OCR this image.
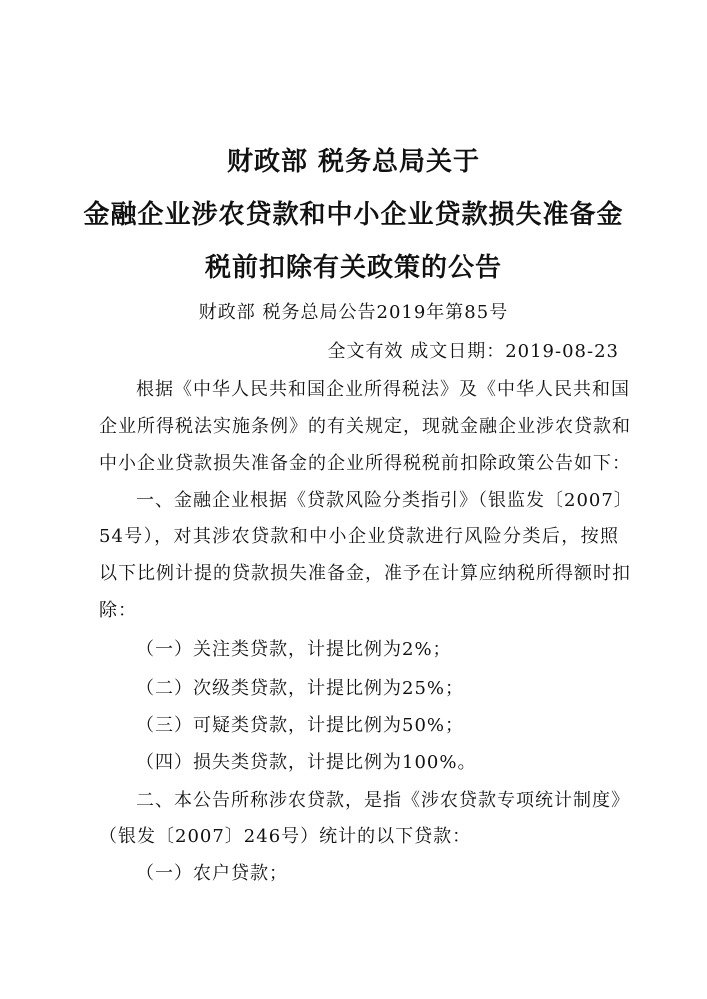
财政部 税务总局关于
金融企业涉农贷款和中小企业贷款损失准备金
税前扣除有关政策的公告
财政部 税务总局公告2019年第85号
全文有效 成文日期：2019-08-23
根据《中华人民共和国企业所得税法》及《中华人民共和国
企业所得税法实施条例》的有关规定，现就金融企业涉农贷款和
中小企业贷款损失准备金的企业所得税税前扣除政策公告如下：
一、金融企业根据《贷款风险分类指引》（银监发〔2007〕
54号），对其涉农贷款和中小企业贷款进行风险分类后，按照
以下比例计提的贷款损失准备金，准予在计算应纳税所得额时扣
除：
（一）关注类贷款，计提比例为2%；
（二）次级类贷款，计提比例为25%；
（三）可疑类贷款，计提比例为50%；
（四）损失类贷款，计提比例为100%。
二、本公告所称涉农贷款，是指《涉农贷款专项统计制度》
（银发〔2007〕246号）统计的以下贷款：
（一）农户贷款；
